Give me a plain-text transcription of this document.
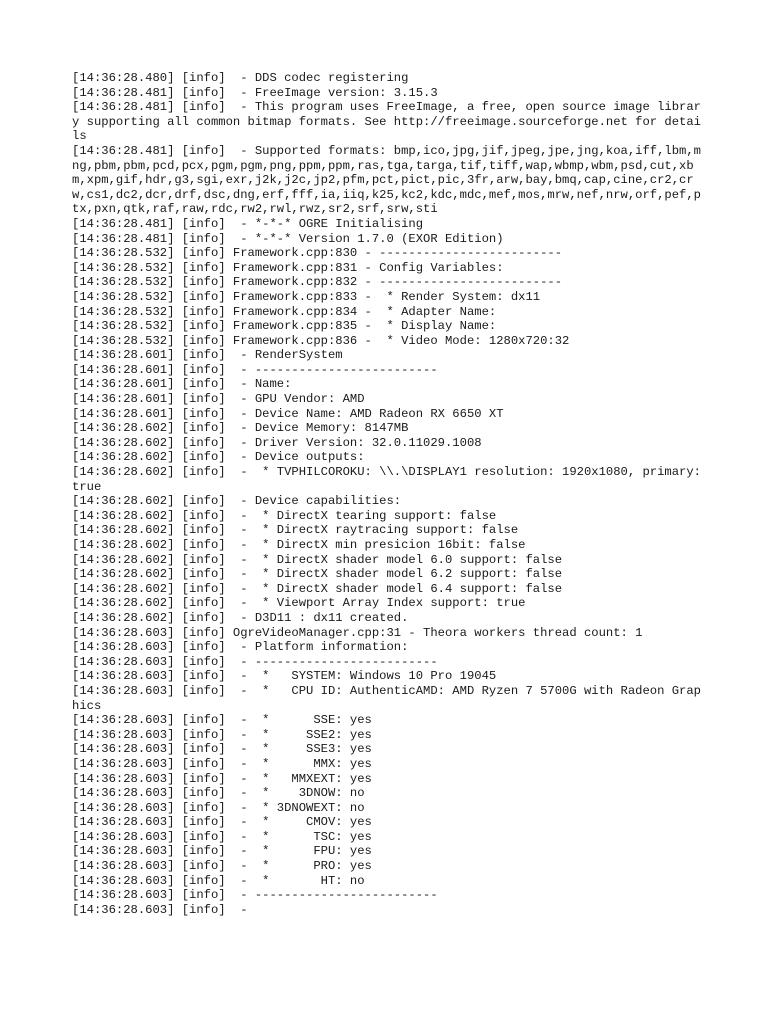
[14:36:28.480] [info]  - DDS codec registering
[14:36:28.481] [info]  - FreeImage version: 3.15.3
[14:36:28.481] [info]  - This program uses FreeImage, a free, open source image library supporting all common bitmap formats. See http://freeimage.sourceforge.net for details
[14:36:28.481] [info]  - Supported formats: bmp,ico,jpg,jif,jpeg,jpe,jng,koa,iff,lbm,mng,pbm,pbm,pcd,pcx,pgm,pgm,png,ppm,ppm,ras,tga,targa,tif,tiff,wap,wbmp,wbm,psd,cut,xbm,xpm,gif,hdr,g3,sgi,exr,j2k,j2c,jp2,pfm,pct,pict,pic,3fr,arw,bay,bmq,cap,cine,cr2,crw,cs1,dc2,dcr,drf,dsc,dng,erf,fff,ia,iiq,k25,kc2,kdc,mdc,mef,mos,mrw,nef,nrw,orf,pef,ptx,pxn,qtk,raf,raw,rdc,rw2,rwl,rwz,sr2,srf,srw,sti
[14:36:28.481] [info]  - *-*-* OGRE Initialising
[14:36:28.481] [info]  - *-*-* Version 1.7.0 (EXOR Edition)
[14:36:28.532] [info] Framework.cpp:830 - -------------------------
[14:36:28.532] [info] Framework.cpp:831 - Config Variables:
[14:36:28.532] [info] Framework.cpp:832 - -------------------------
[14:36:28.532] [info] Framework.cpp:833 -  * Render System: dx11
[14:36:28.532] [info] Framework.cpp:834 -  * Adapter Name:
[14:36:28.532] [info] Framework.cpp:835 -  * Display Name:
[14:36:28.532] [info] Framework.cpp:836 -  * Video Mode: 1280x720:32
[14:36:28.601] [info]  - RenderSystem
[14:36:28.601] [info]  - -------------------------
[14:36:28.601] [info]  - Name:
[14:36:28.601] [info]  - GPU Vendor: AMD
[14:36:28.601] [info]  - Device Name: AMD Radeon RX 6650 XT
[14:36:28.602] [info]  - Device Memory: 8147MB
[14:36:28.602] [info]  - Driver Version: 32.0.11029.1008
[14:36:28.602] [info]  - Device outputs:
[14:36:28.602] [info]  -  * TVPHILCOROKU: \\.\DISPLAY1 resolution: 1920x1080, primary: true
[14:36:28.602] [info]  - Device capabilities:
[14:36:28.602] [info]  -  * DirectX tearing support: false
[14:36:28.602] [info]  -  * DirectX raytracing support: false
[14:36:28.602] [info]  -  * DirectX min presicion 16bit: false
[14:36:28.602] [info]  -  * DirectX shader model 6.0 support: false
[14:36:28.602] [info]  -  * DirectX shader model 6.2 support: false
[14:36:28.602] [info]  -  * DirectX shader model 6.4 support: false
[14:36:28.602] [info]  -  * Viewport Array Index support: true
[14:36:28.602] [info]  - D3D11 : dx11 created.
[14:36:28.603] [info] OgreVideoManager.cpp:31 - Theora workers thread count: 1
[14:36:28.603] [info]  - Platform information:
[14:36:28.603] [info]  - -------------------------
[14:36:28.603] [info]  -  *   SYSTEM: Windows 10 Pro 19045
[14:36:28.603] [info]  -  *   CPU ID: AuthenticAMD: AMD Ryzen 7 5700G with Radeon Graphics
[14:36:28.603] [info]  -  *      SSE: yes
[14:36:28.603] [info]  -  *     SSE2: yes
[14:36:28.603] [info]  -  *     SSE3: yes
[14:36:28.603] [info]  -  *      MMX: yes
[14:36:28.603] [info]  -  *   MMXEXT: yes
[14:36:28.603] [info]  -  *    3DNOW: no
[14:36:28.603] [info]  -  * 3DNOWEXT: no
[14:36:28.603] [info]  -  *     CMOV: yes
[14:36:28.603] [info]  -  *      TSC: yes
[14:36:28.603] [info]  -  *      FPU: yes
[14:36:28.603] [info]  -  *      PRO: yes
[14:36:28.603] [info]  -  *       HT: no
[14:36:28.603] [info]  - -------------------------
[14:36:28.603] [info]  -
